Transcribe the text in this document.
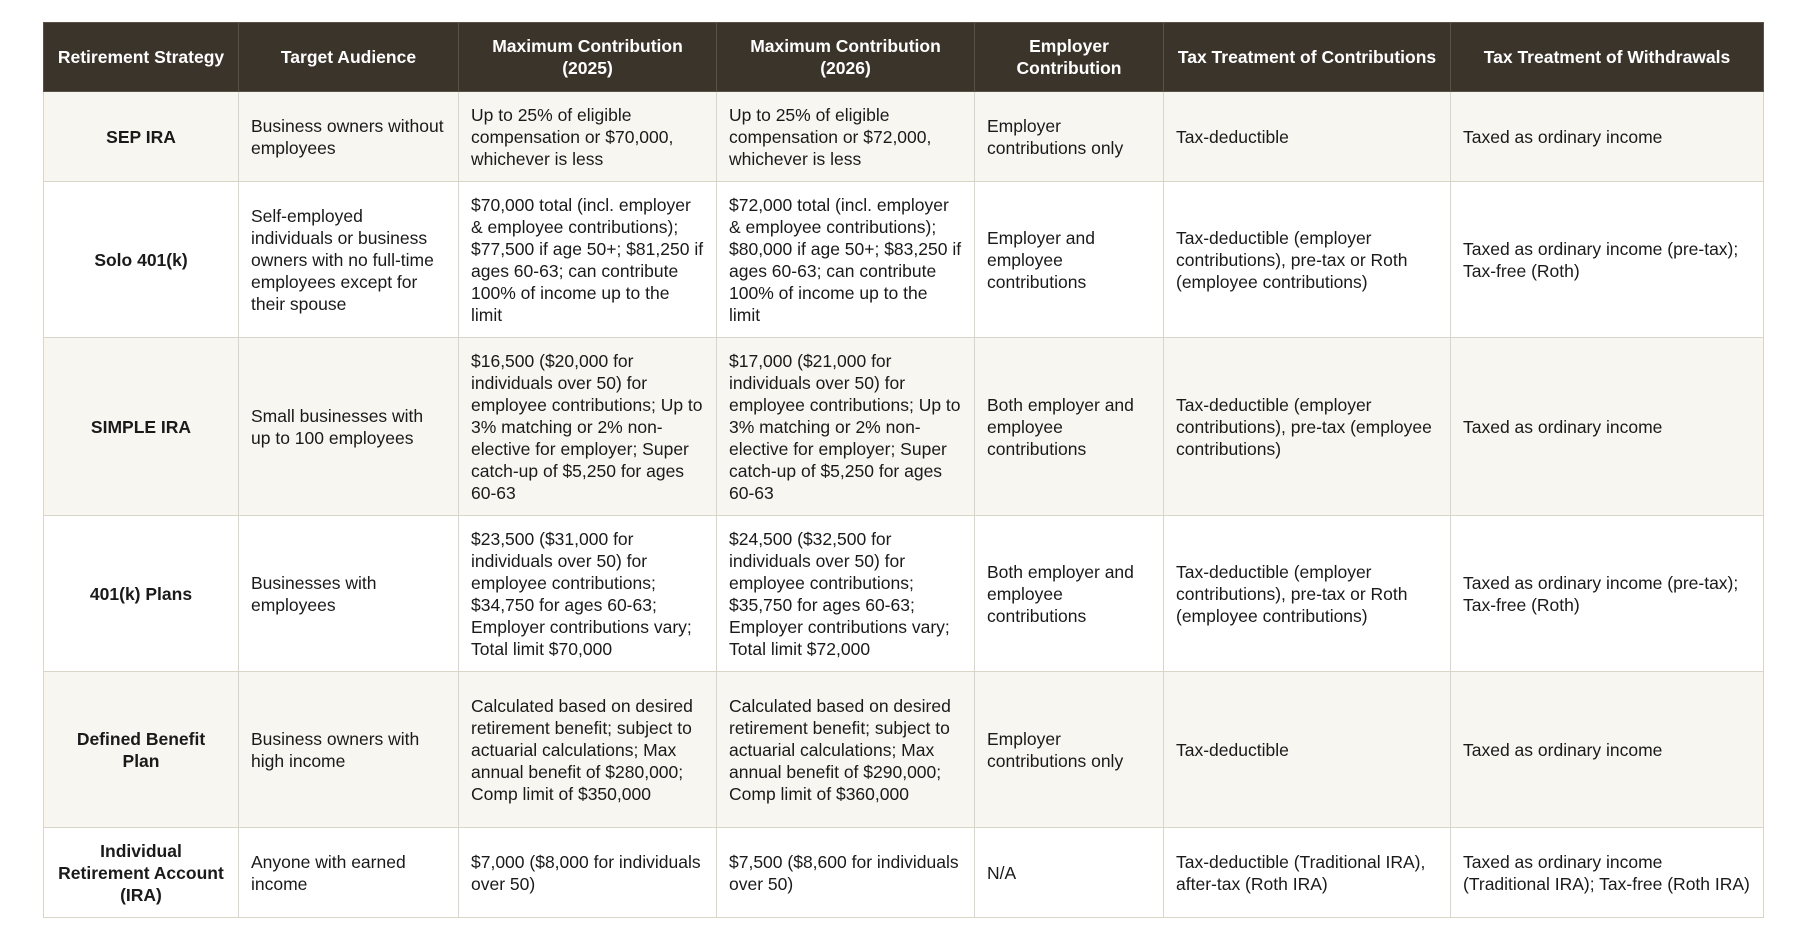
Retirement Strategy	Target Audience	Maximum Contribution (2025)	Maximum Contribution (2026)	Employer Contribution	Tax Treatment of Contributions	Tax Treatment of Withdrawals
SEP IRA	Business owners without employees	Up to 25% of eligible compensation or $70,000, whichever is less	Up to 25% of eligible compensation or $72,000, whichever is less	Employer contributions only	Tax-deductible	Taxed as ordinary income
Solo 401(k)	Self-employed individuals or business owners with no full-time employees except for their spouse	$70,000 total (incl. employer & employee contributions); $77,500 if age 50+; $81,250 if ages 60-63; can contribute 100% of income up to the limit	$72,000 total (incl. employer & employee contributions); $80,000 if age 50+; $83,250 if ages 60-63; can contribute 100% of income up to the limit	Employer and employee contributions	Tax-deductible (employer contributions), pre-tax or Roth (employee contributions)	Taxed as ordinary income (pre-tax); Tax-free (Roth)
SIMPLE IRA	Small businesses with up to 100 employees	$16,500 ($20,000 for individuals over 50) for employee contributions; Up to 3% matching or 2% non-elective for employer; Super catch-up of $5,250 for ages 60-63	$17,000 ($21,000 for individuals over 50) for employee contributions; Up to 3% matching or 2% non-elective for employer; Super catch-up of $5,250 for ages 60-63	Both employer and employee contributions	Tax-deductible (employer contributions), pre-tax (employee contributions)	Taxed as ordinary income
401(k) Plans	Businesses with employees	$23,500 ($31,000 for individuals over 50) for employee contributions; $34,750 for ages 60-63; Employer contributions vary; Total limit $70,000	$24,500 ($32,500 for individuals over 50) for employee contributions; $35,750 for ages 60-63; Employer contributions vary; Total limit $72,000	Both employer and employee contributions	Tax-deductible (employer contributions), pre-tax or Roth (employee contributions)	Taxed as ordinary income (pre-tax); Tax-free (Roth)
Defined Benefit Plan	Business owners with high income	Calculated based on desired retirement benefit; subject to actuarial calculations; Max annual benefit of $280,000; Comp limit of $350,000	Calculated based on desired retirement benefit; subject to actuarial calculations; Max annual benefit of $290,000; Comp limit of $360,000	Employer contributions only	Tax-deductible	Taxed as ordinary income
Individual Retirement Account (IRA)	Anyone with earned income	$7,000 ($8,000 for individuals over 50)	$7,500 ($8,600 for individuals over 50)	N/A	Tax-deductible (Traditional IRA), after-tax (Roth IRA)	Taxed as ordinary income (Traditional IRA); Tax-free (Roth IRA)
